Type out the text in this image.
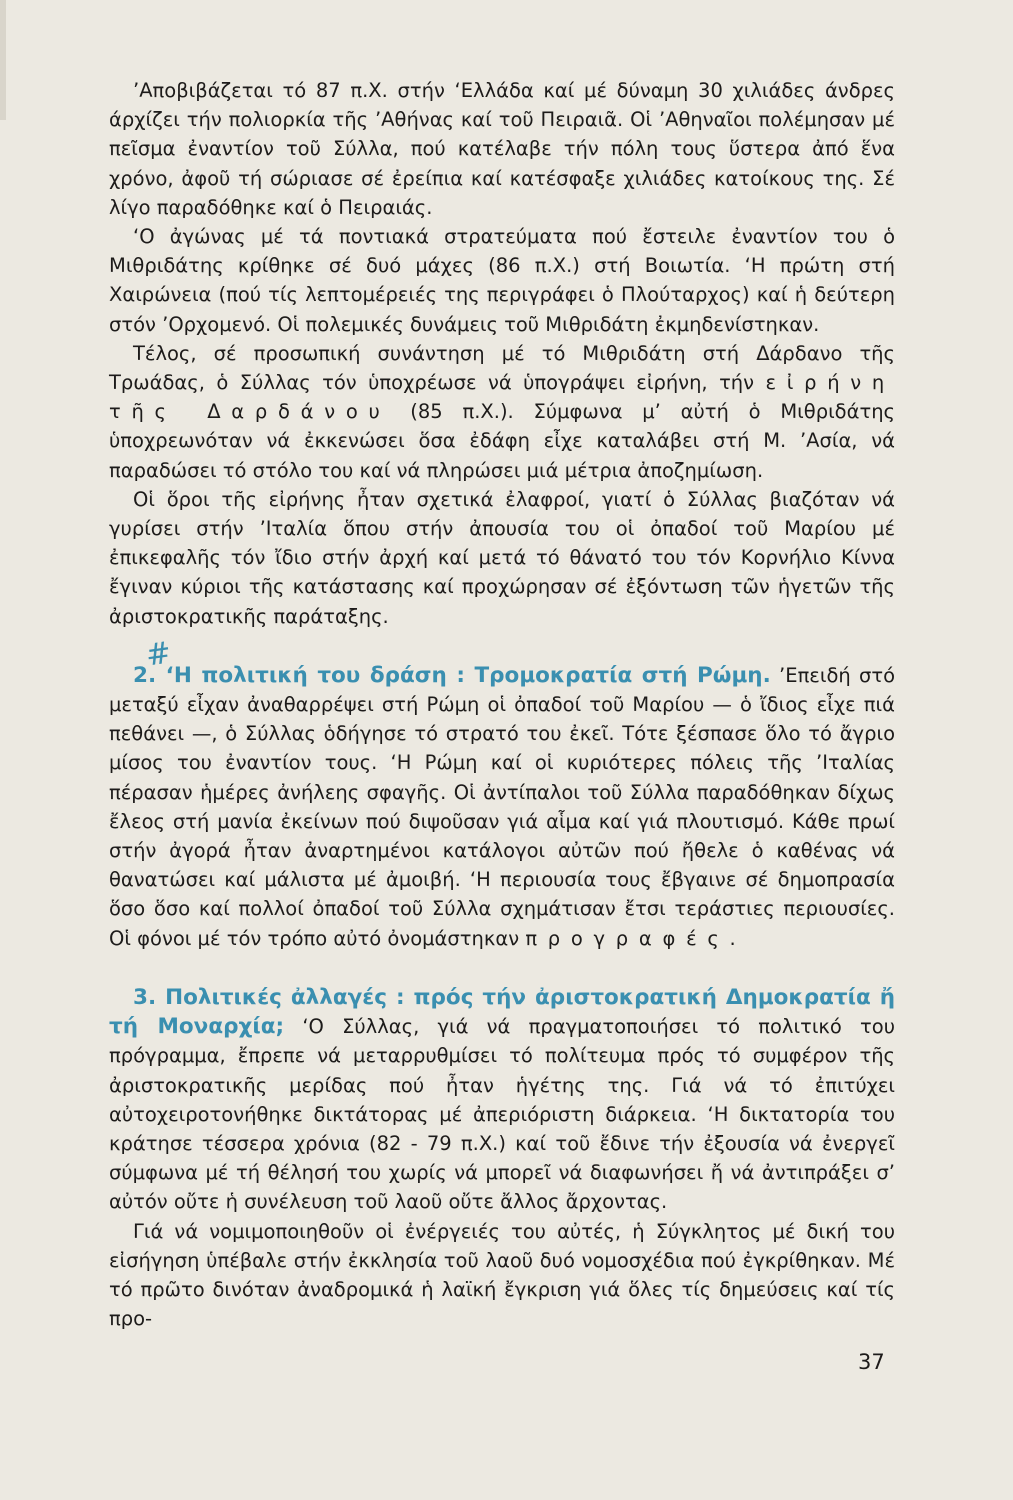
’Αποβιβάζεται τό 87 π.Χ. στήν ‘Ελλάδα καί μέ δύναμη 30 χιλιάδες άνδρες άρχίζει τήν πολιορκία τῆς ’Αθήνας καί τοῦ Πειραιᾶ. Οἱ ’Αθηναῖοι πολέμησαν μέ πεῖσμα ἐναντίον τοῦ Σύλλα, πού κατέλαβε τήν πόλη τους ὕστερα ἀπό ἕνα χρόνο, ἀφοῦ τή σώριασε σέ ἐρείπια καί κατέσφαξε χιλιάδες κατοίκους της. Σέ λίγο παραδόθηκε καί ὁ Πειραιάς.

‘Ο ἀγώνας μέ τά ποντιακά στρατεύματα πού ἔστειλε ἐναντίον του ὁ Μιθριδάτης κρίθηκε σέ δυό μάχες (86 π.Χ.) στή Βοιωτία. ‘Η πρώτη στή Χαιρώνεια (πού τίς λεπτομέρειές της περιγράφει ὁ Πλούταρχος) καί ἡ δεύτερη στόν ’Ορχομενό. Οἱ πολεμικές δυνάμεις τοῦ Μιθριδάτη ἐκμηδενίστηκαν.

Τέλος, σέ προσωπική συνάντηση μέ τό Μιθριδάτη στή Δάρδανο τῆς Τρωάδας, ὁ Σύλλας τόν ὑποχρέωσε νά ὑπογράψει εἰρήνη, τήν εἰρήνη τῆς Δαρδάνου (85 π.Χ.). Σύμφωνα μ’ αὐτή ὁ Μιθριδάτης ὑποχρεωνόταν νά ἐκκενώσει ὅσα ἐδάφη εἶχε καταλάβει στή Μ. ’Ασία, νά παραδώσει τό στόλο του καί νά πληρώσει μιά μέτρια ἀποζημίωση.

Οἱ ὅροι τῆς εἰρήνης ἦταν σχετικά ἐλαφροί, γιατί ὁ Σύλλας βιαζόταν νά γυρίσει στήν ’Ιταλία ὅπου στήν ἀπουσία του οἱ ὀπαδοί τοῦ Μαρίου μέ ἐπικεφαλῆς τόν ἴδιο στήν ἀρχή καί μετά τό θάνατό του τόν Κορνήλιο Κίννα ἔγιναν κύριοι τῆς κατάστασης καί προχώρησαν σέ ἐξόντωση τῶν ἡγετῶν τῆς ἀριστοκρατικῆς παράταξης.

2. ‘Η πολιτική του δράση : Τρομοκρατία στή Ρώμη. ’Επειδή στό μεταξύ εἶχαν ἀναθαρρέψει στή Ρώμη οἱ ὀπαδοί τοῦ Μαρίου — ὁ ἴδιος εἶχε πιά πεθάνει —, ὁ Σύλλας ὁδήγησε τό στρατό του ἐκεῖ. Τότε ξέσπασε ὅλο τό ἄγριο μίσος του ἐναντίον τους. ‘Η Ρώμη καί οἱ κυριότερες πόλεις τῆς ’Ιταλίας πέρασαν ἡμέρες ἀνήλεης σφαγῆς. Οἱ ἀντίπαλοι τοῦ Σύλλα παραδόθηκαν δίχως ἔλεος στή μανία ἐκείνων πού διψοῦσαν γιά αἷμα καί γιά πλουτισμό. Κάθε πρωί στήν ἀγορά ἦταν ἀναρτημένοι κατάλογοι αὐτῶν πού ἤθελε ὁ καθένας νά θανατώσει καί μάλιστα μέ ἀμοιβή. ‘Η περιουσία τους ἔβγαινε σέ δημοπρασία ὅσο ὅσο καί πολλοί ὀπαδοί τοῦ Σύλλα σχημάτισαν ἔτσι τεράστιες περιουσίες. Οἱ φόνοι μέ τόν τρόπο αὐτό ὀνομάστηκαν προγραφές.

3. Πολιτικές ἀλλαγές : πρός τήν ἀριστοκρατική Δημοκρατία ἤ τή Μοναρχία; ‘Ο Σύλλας, γιά νά πραγματοποιήσει τό πολιτικό του πρόγραμμα, ἔπρεπε νά μεταρρυθμίσει τό πολίτευμα πρός τό συμφέρον τῆς ἀριστοκρατικῆς μερίδας πού ἦταν ἡγέτης της. Γιά νά τό ἐπιτύχει αὐτοχειροτονήθηκε δικτάτορας μέ ἀπεριόριστη διάρκεια. ‘Η δικτατορία του κράτησε τέσσερα χρόνια (82 - 79 π.Χ.) καί τοῦ ἔδινε τήν ἐξουσία νά ἐνεργεῖ σύμφωνα μέ τή θέλησή του χωρίς νά μπορεῖ νά διαφωνήσει ἤ νά ἀντιπράξει σ’ αὐτόν οὔτε ἡ συνέλευση τοῦ λαοῦ οὔτε ἄλλος ἄρχοντας.

Γιά νά νομιμοποιηθοῦν οἱ ἐνέργειές του αὐτές, ἡ Σύγκλητος μέ δική του εἰσήγηση ὑπέβαλε στήν ἐκκλησία τοῦ λαοῦ δυό νομοσχέδια πού ἐγκρίθηκαν. Μέ τό πρῶτο δινόταν ἀναδρομικά ἡ λαϊκή ἔγκριση γιά ὅλες τίς δημεύσεις καί τίς προ-

#
37
